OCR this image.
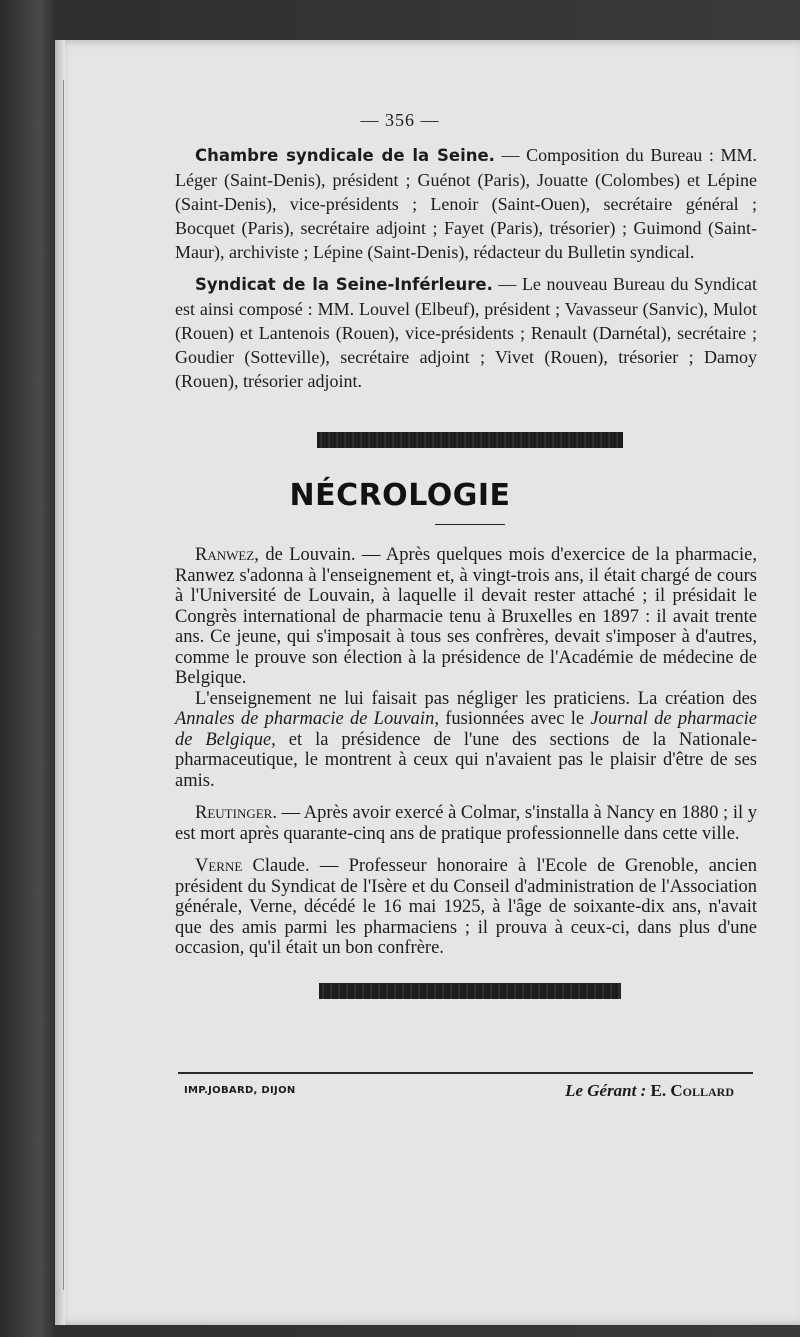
— 356 —

Chambre syndicale de la Seine. — Composition du Bureau : MM. Léger (Saint-Denis), président ; Guénot (Paris), Jouatte (Colombes) et Lépine (Saint-Denis), vice-présidents ; Lenoir (Saint-Ouen), secrétaire général ; Bocquet (Paris), secrétaire adjoint ; Fayet (Paris), trésorier) ; Guimond (Saint-Maur), archiviste ; Lépine (Saint-Denis), rédacteur du Bulletin syndical.

Syndicat de la Seine-Inférleure. — Le nouveau Bureau du Syndicat est ainsi composé : MM. Louvel (Elbeuf), président ; Vavasseur (Sanvic), Mulot (Rouen) et Lantenois (Rouen), vice-présidents ; Renault (Darnétal), secrétaire ; Goudier (Sotteville), secrétaire adjoint ; Vivet (Rouen), trésorier ; Damoy (Rouen), trésorier adjoint.

NÉCROLOGIE

Ranwez, de Louvain. — Après quelques mois d'exercice de la pharmacie, Ranwez s'adonna à l'enseignement et, à vingt-trois ans, il était chargé de cours à l'Université de Louvain, à laquelle il devait rester attaché ; il présidait le Congrès international de pharmacie tenu à Bruxelles en 1897 : il avait trente ans. Ce jeune, qui s'imposait à tous ses confrères, devait s'imposer à d'autres, comme le prouve son élection à la présidence de l'Académie de médecine de Belgique.

L'enseignement ne lui faisait pas négliger les praticiens. La création des Annales de pharmacie de Louvain, fusionnées avec le Journal de pharmacie de Belgique, et la présidence de l'une des sections de la Nationale-pharmaceutique, le montrent à ceux qui n'avaient pas le plaisir d'être de ses amis.

Reutinger. — Après avoir exercé à Colmar, s'installa à Nancy en 1880 ; il y est mort après quarante-cinq ans de pratique professionnelle dans cette ville.

Verne Claude. — Professeur honoraire à l'Ecole de Grenoble, ancien président du Syndicat de l'Isère et du Conseil d'administration de l'Association générale, Verne, décédé le 16 mai 1925, à l'âge de soixante-dix ans, n'avait que des amis parmi les pharmaciens ; il prouva à ceux-ci, dans plus d'une occasion, qu'il était un bon confrère.

IMP.JOBARD, DIJON	Le Gérant : E. Collard
